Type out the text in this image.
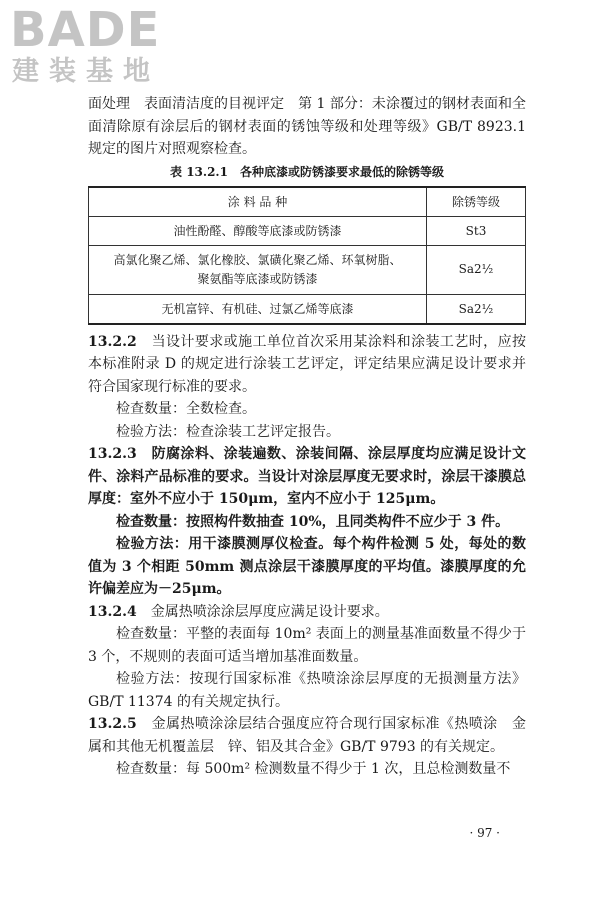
BADE
建装基地

面处理　表面清洁度的目视评定　第 1 部分：未涂覆过的钢材表面和全面清除原有涂层后的钢材表面的锈蚀等级和处理等级》GB/T 8923.1 规定的图片对照观察检查。

表 13.2.1　各种底漆或防锈漆要求最低的除锈等级
涂 料 品 种	除锈等级
油性酚醛、醇酸等底漆或防锈漆	St3
高氯化聚乙烯、氯化橡胶、氯磺化聚乙烯、环氧树脂、
聚氨酯等底漆或防锈漆	Sa2½
无机富锌、有机硅、过氯乙烯等底漆	Sa2½

13.2.2　 当设计要求或施工单位首次采用某涂料和涂装工艺时，应按本标准附录 D 的规定进行涂装工艺评定，评定结果应满足设计要求并符合国家现行标准的要求。

检查数量：全数检查。

检验方法：检查涂装工艺评定报告。

13.2.3　 防腐涂料、涂装遍数、涂装间隔、涂层厚度均应满足设计文件、涂料产品标准的要求。当设计对涂层厚度无要求时，涂层干漆膜总厚度：室外不应小于 150μm，室内不应小于 125μm。

检查数量：按照构件数抽查 10%，且同类构件不应少于 3 件。

检验方法：用干漆膜测厚仪检查。每个构件检测 5 处，每处的数值为 3 个相距 50mm 测点涂层干漆膜厚度的平均值。漆膜厚度的允许偏差应为－25μm。

13.2.4　 金属热喷涂涂层厚度应满足设计要求。

检查数量：平整的表面每 10m² 表面上的测量基准面数量不得少于 3 个，不规则的表面可适当增加基准面数量。

检验方法：按现行国家标准《热喷涂涂层厚度的无损测量方法》GB/T 11374 的有关规定执行。

13.2.5　 金属热喷涂涂层结合强度应符合现行国家标准《热喷涂　金属和其他无机覆盖层　锌、铝及其合金》GB/T 9793 的有关规定。

检查数量：每 500m² 检测数量不得少于 1 次，且总检测数量不

· 97 ·
